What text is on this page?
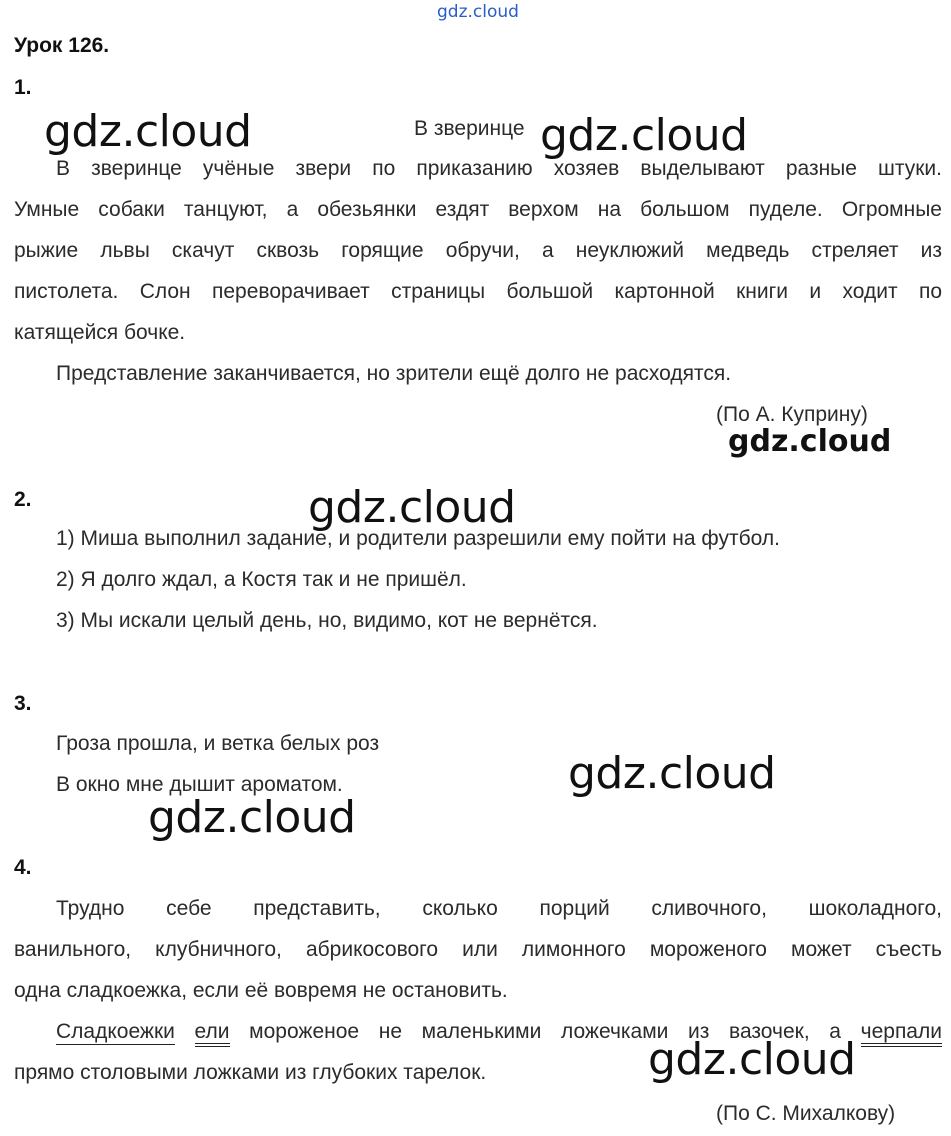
gdz.cloud
Урок 126.
1.
В зверинце
В зверинце учёные звери по приказанию хозяев выделывают разные штуки.
Умные собаки танцуют, а обезьянки ездят верхом на большом пуделе. Огромные
рыжие львы скачут сквозь горящие обручи, а неуклюжий медведь стреляет из
пистолета. Слон переворачивает страницы большой картонной книги и ходит по
катящейся бочке.
Представление заканчивается, но зрители ещё долго не расходятся.
(По А. Куприну)
2.
1) Миша выполнил задание, и родители разрешили ему пойти на футбол.
2) Я долго ждал, а Костя так и не пришёл.
3) Мы искали целый день, но, видимо, кот не вернётся.
3.
Гроза прошла, и ветка белых роз
В окно мне дышит ароматом.
4.
Трудно себе представить, сколько порций сливочного, шоколадного,
ванильного, клубничного, абрикосового или лимонного мороженого может съесть
одна сладкоежка, если её вовремя не остановить.
Сладкоежки ели мороженое не маленькими ложечками из вазочек, а черпали
прямо столовыми ложками из глубоких тарелок.
(По С. Михалкову)
gdz.cloud	gdz.cloud
gdz.cloud
gdz.cloud
gdz.cloud
gdz.cloud
gdz.cloud
